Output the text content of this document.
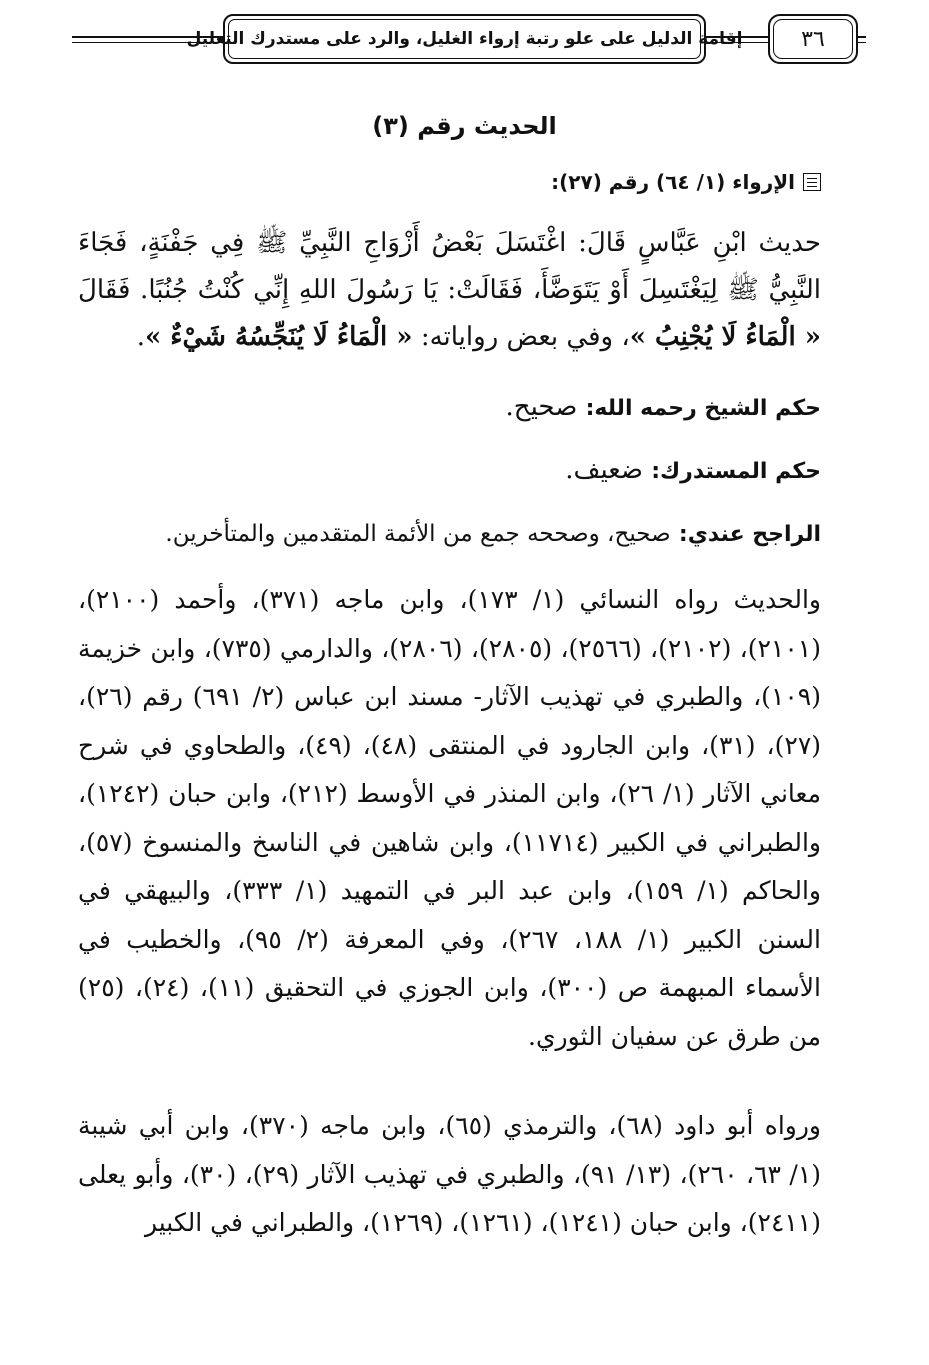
إقامة الدليل على علو رتبة إرواء الغليل، والرد على مستدرك التعليل	٣٦
الحديث رقم (٣)
الإرواء (١/ ٦٤) رقم (٢٧):

حديث ابْنِ عَبَّاسٍ قَالَ: اغْتَسَلَ بَعْضُ أَزْوَاجِ النَّبِيِّ ﷺ فِي جَفْنَةٍ، فَجَاءَ النَّبِيُّ ﷺ لِيَغْتَسِلَ أَوْ يَتَوَضَّأَ، فَقَالَتْ: يَا رَسُولَ اللهِ إِنِّي كُنْتُ جُنُبًا. فَقَالَ « الْمَاءُ لَا يُجْنِبُ »، وفي بعض رواياته: « الْمَاءُ لَا يُنَجِّسُهُ شَيْءٌ ».

حكم الشيخ رحمه الله: صحيح.
حكم المستدرك: ضعيف.
الراجح عندي: صحيح، وصححه جمع من الأئمة المتقدمين والمتأخرين.

والحديث رواه النسائي (١/ ١٧٣)، وابن ماجه (٣٧١)، وأحمد (٢١٠٠)، (٢١٠١)، (٢١٠٢)، (٢٥٦٦)، (٢٨٠٥)، (٢٨٠٦)، والدارمي (٧٣٥)، وابن خزيمة (١٠٩)، والطبري في تهذيب الآثار- مسند ابن عباس (٢/ ٦٩١) رقم (٢٦)، (٢٧)، (٣١)، وابن الجارود في المنتقى (٤٨)، (٤٩)، والطحاوي في شرح معاني الآثار (١/ ٢٦)، وابن المنذر في الأوسط (٢١٢)، وابن حبان (١٢٤٢)، والطبراني في الكبير (١١٧١٤)، وابن شاهين في الناسخ والمنسوخ (٥٧)، والحاكم (١/ ١٥٩)، وابن عبد البر في التمهيد (١/ ٣٣٣)، والبيهقي في السنن الكبير (١/ ١٨٨، ٢٦٧)، وفي المعرفة (٢/ ٩٥)، والخطيب في الأسماء المبهمة ص (٣٠٠)، وابن الجوزي في التحقيق (١١)، (٢٤)، (٢٥) من طرق عن سفيان الثوري.

ورواه أبو داود (٦٨)، والترمذي (٦٥)، وابن ماجه (٣٧٠)، وابن أبي شيبة (١/ ٦٣، ٢٦٠)، (١٣/ ٩١)، والطبري في تهذيب الآثار (٢٩)، (٣٠)، وأبو يعلى (٢٤١١)، وابن حبان (١٢٤١)، (١٢٦١)، (١٢٦٩)، والطبراني في الكبير
